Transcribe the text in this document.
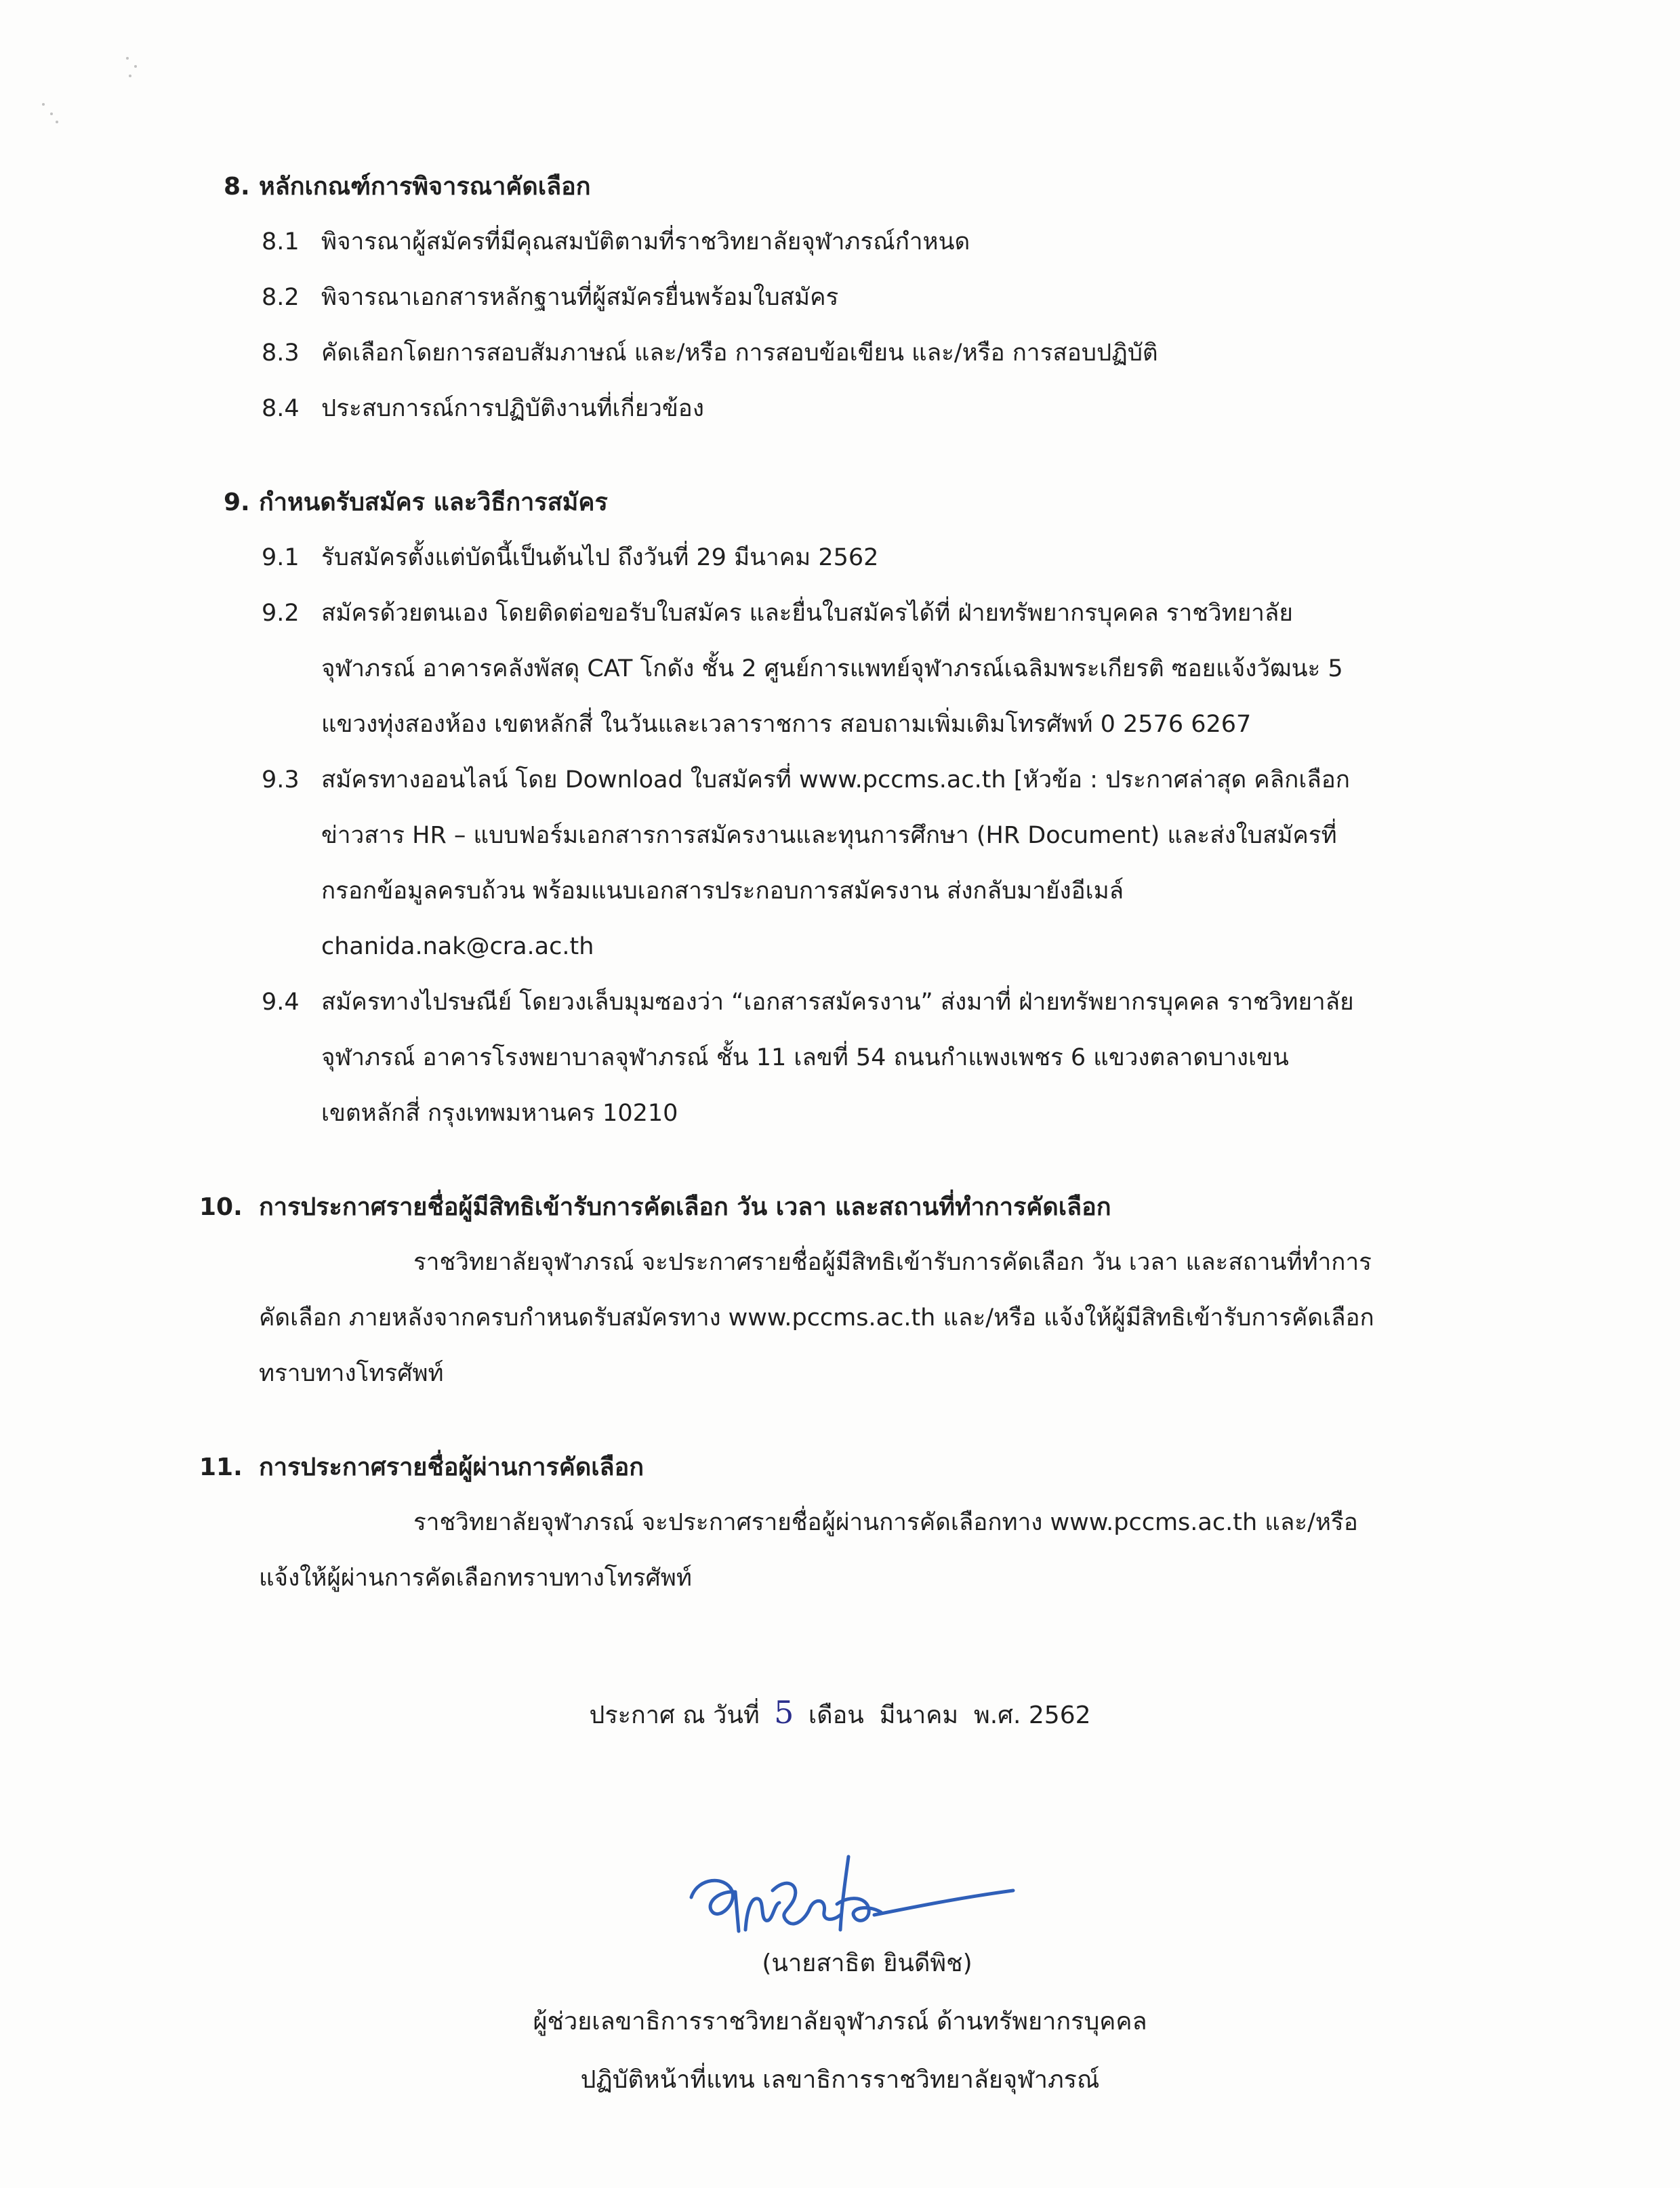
8. หลักเกณฑ์การพิจารณาคัดเลือก
8.1 พิจารณาผู้สมัครที่มีคุณสมบัติตามที่ราชวิทยาลัยจุฬาภรณ์กำหนด
8.2 พิจารณาเอกสารหลักฐานที่ผู้สมัครยื่นพร้อมใบสมัคร
8.3 คัดเลือกโดยการสอบสัมภาษณ์ และ/หรือ การสอบข้อเขียน และ/หรือ การสอบปฏิบัติ
8.4 ประสบการณ์การปฏิบัติงานที่เกี่ยวข้อง
9. กำหนดรับสมัคร และวิธีการสมัคร
9.1 รับสมัครตั้งแต่บัดนี้เป็นต้นไป ถึงวันที่ 29 มีนาคม 2562
9.2 สมัครด้วยตนเอง โดยติดต่อขอรับใบสมัคร และยื่นใบสมัครได้ที่ ฝ่ายทรัพยากรบุคคล ราชวิทยาลัย
จุฬาภรณ์ อาคารคลังพัสดุ CAT โกดัง ชั้น 2 ศูนย์การแพทย์จุฬาภรณ์เฉลิมพระเกียรติ ซอยแจ้งวัฒนะ 5
แขวงทุ่งสองห้อง เขตหลักสี่ ในวันและเวลาราชการ สอบถามเพิ่มเติมโทรศัพท์ 0 2576 6267
9.3 สมัครทางออนไลน์ โดย Download ใบสมัครที่ www.pccms.ac.th [หัวข้อ : ประกาศล่าสุด คลิกเลือก
ข่าวสาร HR – แบบฟอร์มเอกสารการสมัครงานและทุนการศึกษา (HR Document) และส่งใบสมัครที่
กรอกข้อมูลครบถ้วน พร้อมแนบเอกสารประกอบการสมัครงาน ส่งกลับมายังอีเมล์
chanida.nak@cra.ac.th
9.4 สมัครทางไปรษณีย์ โดยวงเล็บมุมซองว่า “เอกสารสมัครงาน” ส่งมาที่ ฝ่ายทรัพยากรบุคคล ราชวิทยาลัย
จุฬาภรณ์ อาคารโรงพยาบาลจุฬาภรณ์ ชั้น 11 เลขที่ 54 ถนนกำแพงเพชร 6 แขวงตลาดบางเขน
เขตหลักสี่ กรุงเทพมหานคร 10210
10. การประกาศรายชื่อผู้มีสิทธิเข้ารับการคัดเลือก วัน เวลา และสถานที่ทำการคัดเลือก
ราชวิทยาลัยจุฬาภรณ์ จะประกาศรายชื่อผู้มีสิทธิเข้ารับการคัดเลือก วัน เวลา และสถานที่ทำการ
คัดเลือก ภายหลังจากครบกำหนดรับสมัครทาง www.pccms.ac.th และ/หรือ แจ้งให้ผู้มีสิทธิเข้ารับการคัดเลือก
ทราบทางโทรศัพท์
11. การประกาศรายชื่อผู้ผ่านการคัดเลือก
ราชวิทยาลัยจุฬาภรณ์ จะประกาศรายชื่อผู้ผ่านการคัดเลือกทาง www.pccms.ac.th และ/หรือ
แจ้งให้ผู้ผ่านการคัดเลือกทราบทางโทรศัพท์
ประกาศ ณ วันที่ 5 เดือน มีนาคม พ.ศ. 2562
(นายสาธิต ยินดีพิช)
ผู้ช่วยเลขาธิการราชวิทยาลัยจุฬาภรณ์ ด้านทรัพยากรบุคคล
ปฏิบัติหน้าที่แทน เลขาธิการราชวิทยาลัยจุฬาภรณ์
